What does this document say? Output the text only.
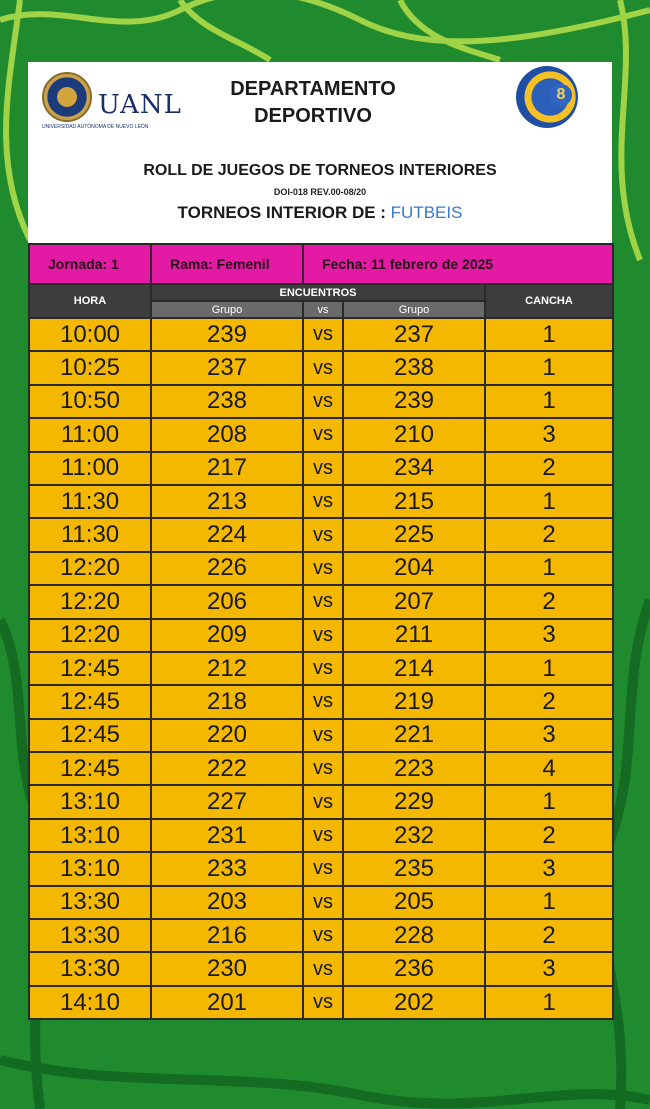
UANL
UNIVERSIDAD AUTÓNOMA DE NUEVO LEÓN
DEPARTAMENTO
DEPORTIVO
8
ROLL DE JUEGOS DE TORNEOS INTERIORES
DOI-018 REV.00-08/20
TORNEOS INTERIOR DE : FUTBEIS
Jornada: 1	Rama: Femenil	Fecha: 11 febrero de 2025		
HORA	ENCUENTROS			CANCHA
	Grupo	vs	Grupo	
10:00	239	vs	237	1
10:25	237	vs	238	1
10:50	238	vs	239	1
11:00	208	vs	210	3
11:00	217	vs	234	2
11:30	213	vs	215	1
11:30	224	vs	225	2
12:20	226	vs	204	1
12:20	206	vs	207	2
12:20	209	vs	211	3
12:45	212	vs	214	1
12:45	218	vs	219	2
12:45	220	vs	221	3
12:45	222	vs	223	4
13:10	227	vs	229	1
13:10	231	vs	232	2
13:10	233	vs	235	3
13:30	203	vs	205	1
13:30	216	vs	228	2
13:30	230	vs	236	3
14:10	201	vs	202	1
